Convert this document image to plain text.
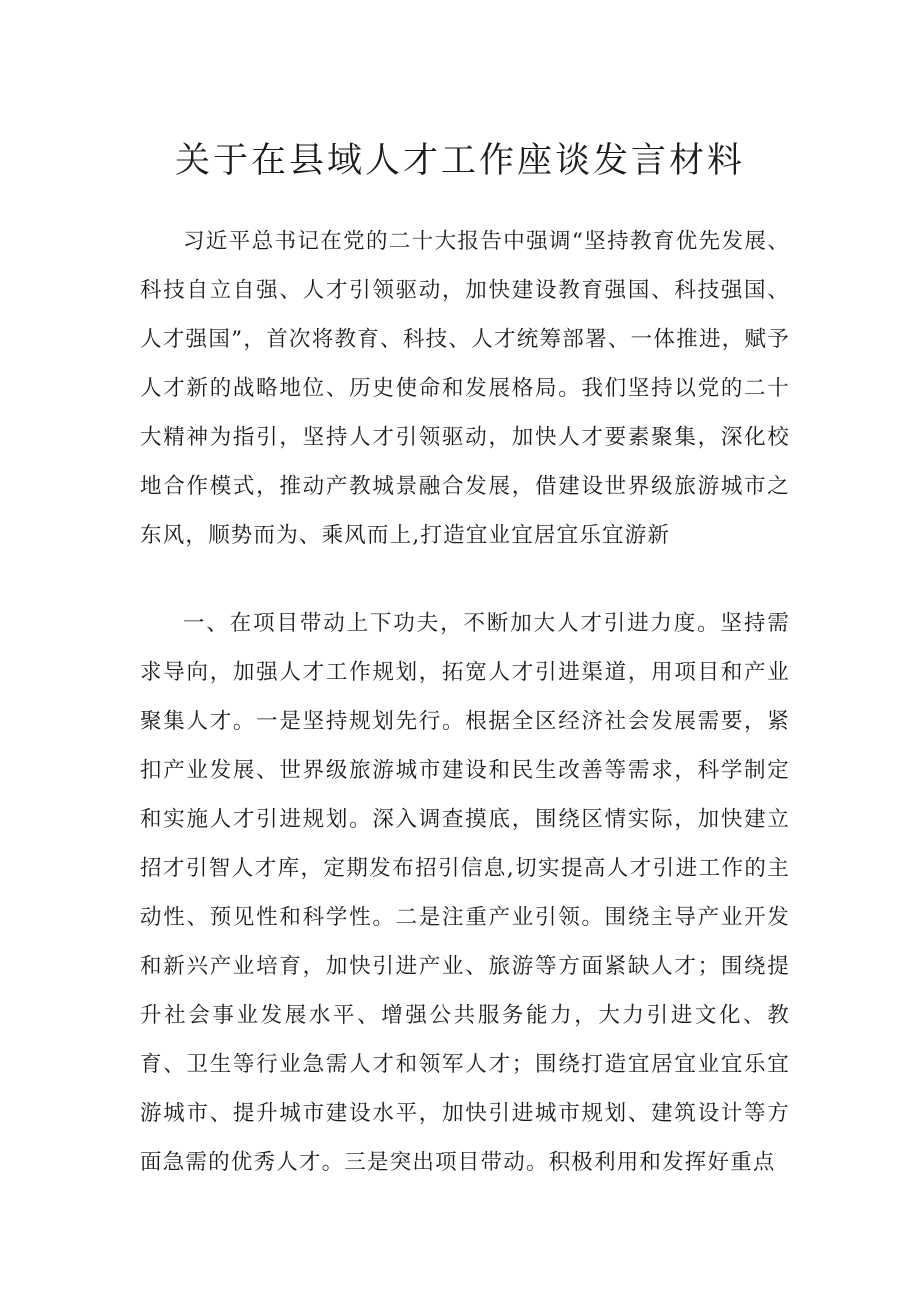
关于在县域人才工作座谈发言材料

习近平总书记在党的二十大报告中强调“坚持教育优先发展、科技自立自强、人才引领驱动，加快建设教育强国、科技强国、人才强国”，首次将教育、科技、人才统筹部署、一体推进，赋予人才新的战略地位、历史使命和发展格局。我们坚持以党的二十大精神为指引，坚持人才引领驱动，加快人才要素聚集，深化校地合作模式，推动产教城景融合发展，借建设世界级旅游城市之东风，顺势而为、乘风而上,打造宜业宜居宜乐宜游新

一、在项目带动上下功夫，不断加大人才引进力度。坚持需求导向，加强人才工作规划，拓宽人才引进渠道，用项目和产业聚集人才。一是坚持规划先行。根据全区经济社会发展需要，紧扣产业发展、世界级旅游城市建设和民生改善等需求，科学制定和实施人才引进规划。深入调查摸底，围绕区情实际，加快建立招才引智人才库，定期发布招引信息,切实提高人才引进工作的主动性、预见性和科学性。二是注重产业引领。围绕主导产业开发和新兴产业培育，加快引进产业、旅游等方面紧缺人才；围绕提升社会事业发展水平、增强公共服务能力，大力引进文化、教育、卫生等行业急需人才和领军人才；围绕打造宜居宜业宜乐宜游城市、提升城市建设水平，加快引进城市规划、建筑设计等方面急需的优秀人才。三是突出项目带动。积极利用和发挥好重点
